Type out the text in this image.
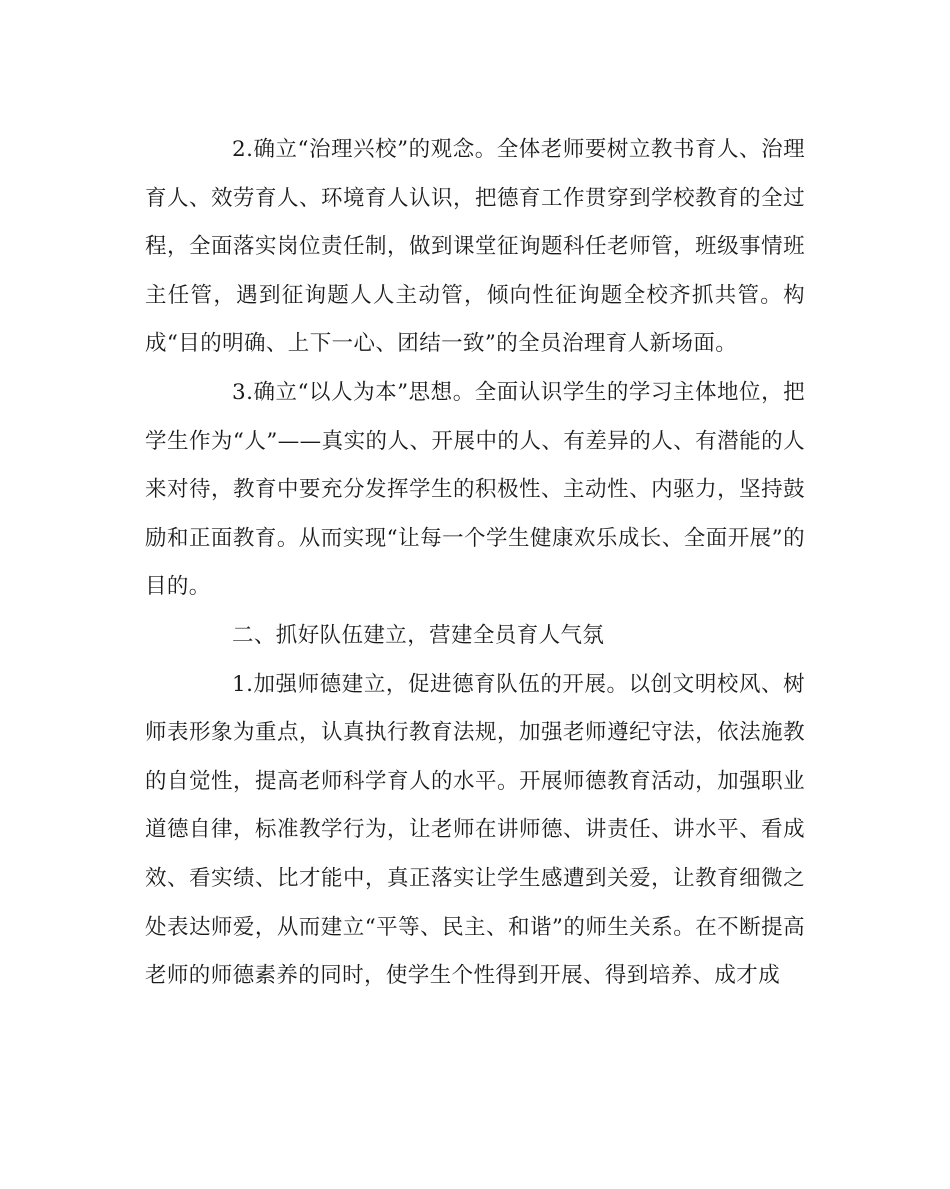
2.确立“治理兴校”的观念。全体老师要树立教书育人、治理育人、效劳育人、环境育人认识，把德育工作贯穿到学校教育的全过程，全面落实岗位责任制，做到课堂征询题科任老师管，班级事情班主任管，遇到征询题人人主动管，倾向性征询题全校齐抓共管。构成“目的明确、上下一心、团结一致”的全员治理育人新场面。

3.确立“以人为本”思想。全面认识学生的学习主体地位，把学生作为“人”——真实的人、开展中的人、有差异的人、有潜能的人来对待，教育中要充分发挥学生的积极性、主动性、内驱力，坚持鼓励和正面教育。从而实现“让每一个学生健康欢乐成长、全面开展”的目的。

二、抓好队伍建立，营建全员育人气氛

1.加强师德建立，促进德育队伍的开展。以创文明校风、树师表形象为重点，认真执行教育法规，加强老师遵纪守法，依法施教的自觉性，提高老师科学育人的水平。开展师德教育活动，加强职业道德自律，标准教学行为，让老师在讲师德、讲责任、讲水平、看成效、看实绩、比才能中，真正落实让学生感遭到关爱，让教育细微之处表达师爱，从而建立“平等、民主、和谐”的师生关系。在不断提高老师的师德素养的同时，使学生个性得到开展、得到培养、成才成
